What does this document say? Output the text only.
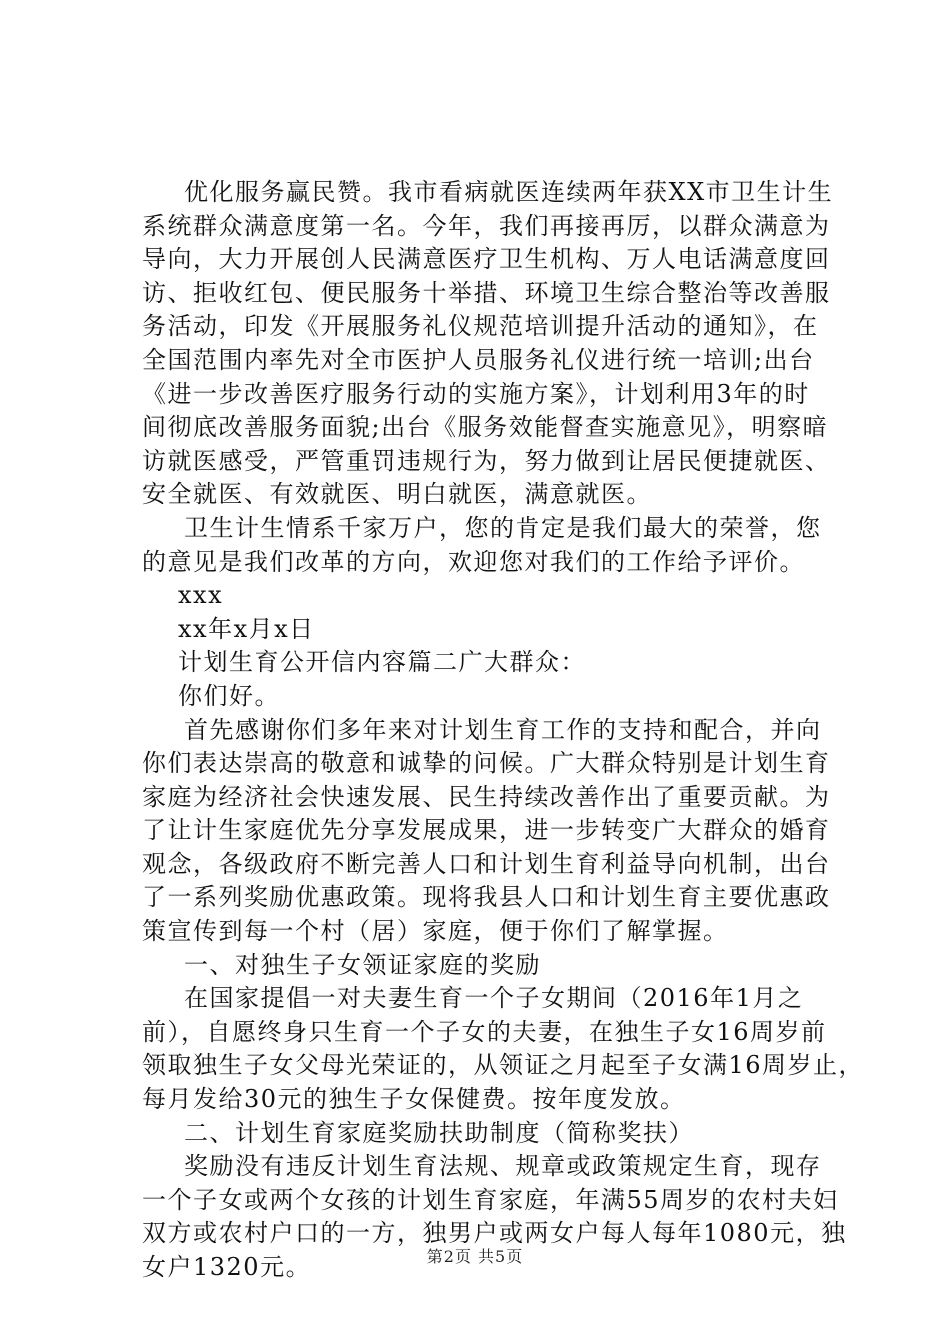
优化服务赢民赞。我市看病就医连续两年获XX市卫生计生
系统群众满意度第一名。今年，我们再接再厉，以群众满意为
导向，大力开展创人民满意医疗卫生机构、万人电话满意度回
访、拒收红包、便民服务十举措、环境卫生综合整治等改善服
务活动，印发《开展服务礼仪规范培训提升活动的通知》，在
全国范围内率先对全市医护人员服务礼仪进行统一培训;出台
《进一步改善医疗服务行动的实施方案》，计划利用3年的时
间彻底改善服务面貌;出台《服务效能督查实施意见》，明察暗
访就医感受，严管重罚违规行为，努力做到让居民便捷就医、
安全就医、有效就医、明白就医，满意就医。

卫生计生情系千家万户，您的肯定是我们最大的荣誉，您
的意见是我们改革的方向，欢迎您对我们的工作给予评价。

xxx

xx年x月x日

计划生育公开信内容篇二广大群众：

你们好。

首先感谢你们多年来对计划生育工作的支持和配合，并向
你们表达崇高的敬意和诚挚的问候。广大群众特别是计划生育
家庭为经济社会快速发展、民生持续改善作出了重要贡献。为
了让计生家庭优先分享发展成果，进一步转变广大群众的婚育
观念，各级政府不断完善人口和计划生育利益导向机制，出台
了一系列奖励优惠政策。现将我县人口和计划生育主要优惠政
策宣传到每一个村（居）家庭，便于你们了解掌握。

一、对独生子女领证家庭的奖励

在国家提倡一对夫妻生育一个子女期间（2016年1月之
前），自愿终身只生育一个子女的夫妻，在独生子女16周岁前
领取独生子女父母光荣证的，从领证之月起至子女满16周岁止，
每月发给30元的独生子女保健费。按年度发放。

二、计划生育家庭奖励扶助制度（简称奖扶）

奖励没有违反计划生育法规、规章或政策规定生育，现存
一个子女或两个女孩的计划生育家庭，年满55周岁的农村夫妇
双方或农村户口的一方，独男户或两女户每人每年1080元，独
女户1320元。	第2页 共5页
